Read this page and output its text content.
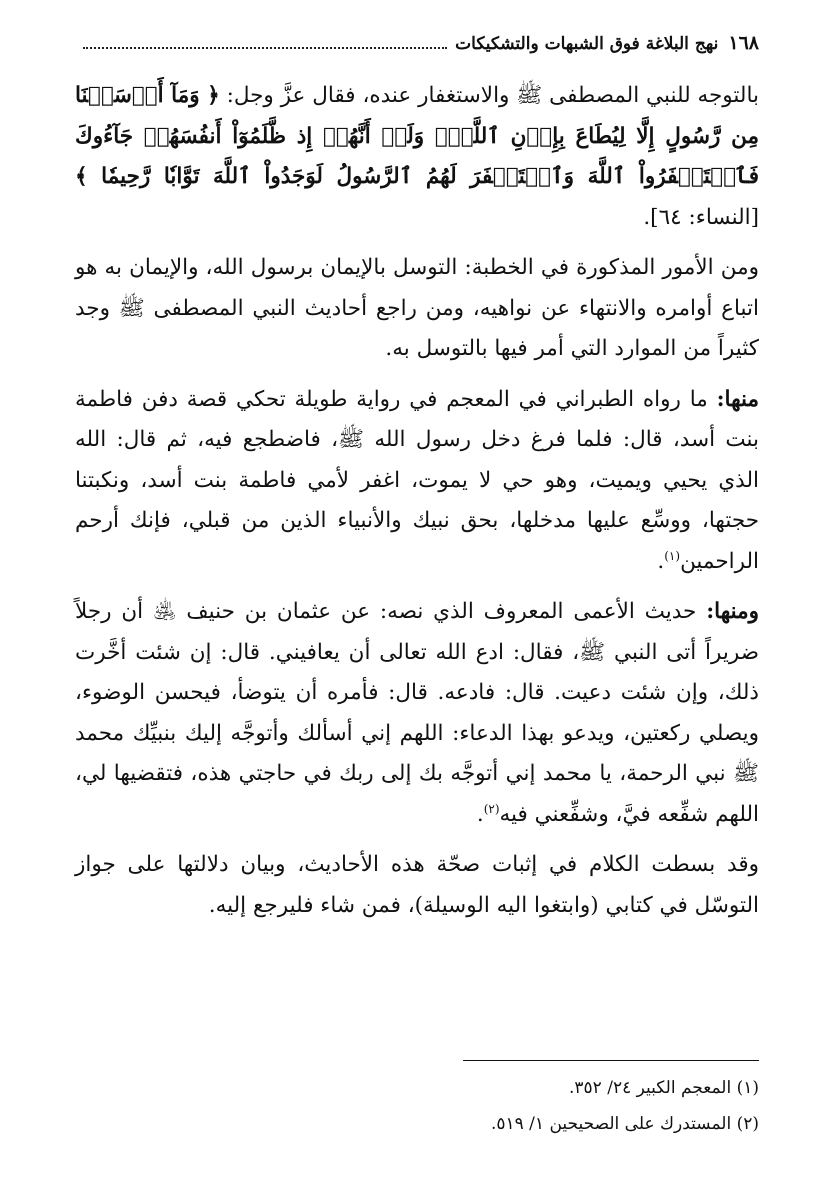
١٦٨
نهج البلاغة فوق الشبهات والتشكيكات

بالتوجه للنبي المصطفى ﷺ والاستغفار عنده، فقال عزَّ وجل: ﴿ وَمَآ أَرۡسَلۡنَا مِن رَّسُولٍ إِلَّا لِيُطَاعَ بِإِذۡنِ ٱللَّهِۚ وَلَوۡ أَنَّهُمۡ إِذ ظَّلَمُوٓاْ أَنفُسَهُمۡ جَآءُوكَ فَٱسۡتَغۡفَرُواْ ٱللَّهَ وَٱسۡتَغۡفَرَ لَهُمُ ٱلرَّسُولُ لَوَجَدُواْ ٱللَّهَ تَوَّابٗا رَّحِيمٗا ﴾ [النساء: ٦٤].

ومن الأمور المذكورة في الخطبة: التوسل بالإيمان برسول الله، والإيمان به هو اتباع أوامره والانتهاء عن نواهيه، ومن راجع أحاديث النبي المصطفى ﷺ وجد كثيراً من الموارد التي أمر فيها بالتوسل به.

منها: ما رواه الطبراني في المعجم في رواية طويلة تحكي قصة دفن فاطمة بنت أسد، قال: فلما فرغ دخل رسول الله ﷺ، فاضطجع فيه، ثم قال: الله الذي يحيي ويميت، وهو حي لا يموت، اغفر لأمي فاطمة بنت أسد، ونكبتنا حجتها، ووسِّع عليها مدخلها، بحق نبيك والأنبياء الذين من قبلي، فإنك أرحم الراحمين$^{(١)}$.

ومنها: حديث الأعمى المعروف الذي نصه: عن عثمان بن حنيف ﵁ أن رجلاً ضريراً أتى النبي ﷺ، فقال: ادع الله تعالى أن يعافيني. قال: إن شئت أخَّرت ذلك، وإن شئت دعيت. قال: فادعه. قال: فأمره أن يتوضأ، فيحسن الوضوء، ويصلي ركعتين، ويدعو بهذا الدعاء: اللهم إني أسألك وأتوجَّه إليك بنبيِّك محمد ﷺ نبي الرحمة، يا محمد إني أتوجَّه بك إلى ربك في حاجتي هذه، فتقضيها لي، اللهم شفِّعه فيَّ، وشفِّعني فيه$^{(٢)}$.

وقد بسطت الكلام في إثبات صحّة هذه الأحاديث، وبيان دلالتها على جواز التوسّل في كتابي (وابتغوا اليه الوسيلة)، فمن شاء فليرجع إليه.

(١) المعجم الكبير ٢٤/ ٣٥٢.
(٢) المستدرك على الصحيحين ١/ ٥١٩.
